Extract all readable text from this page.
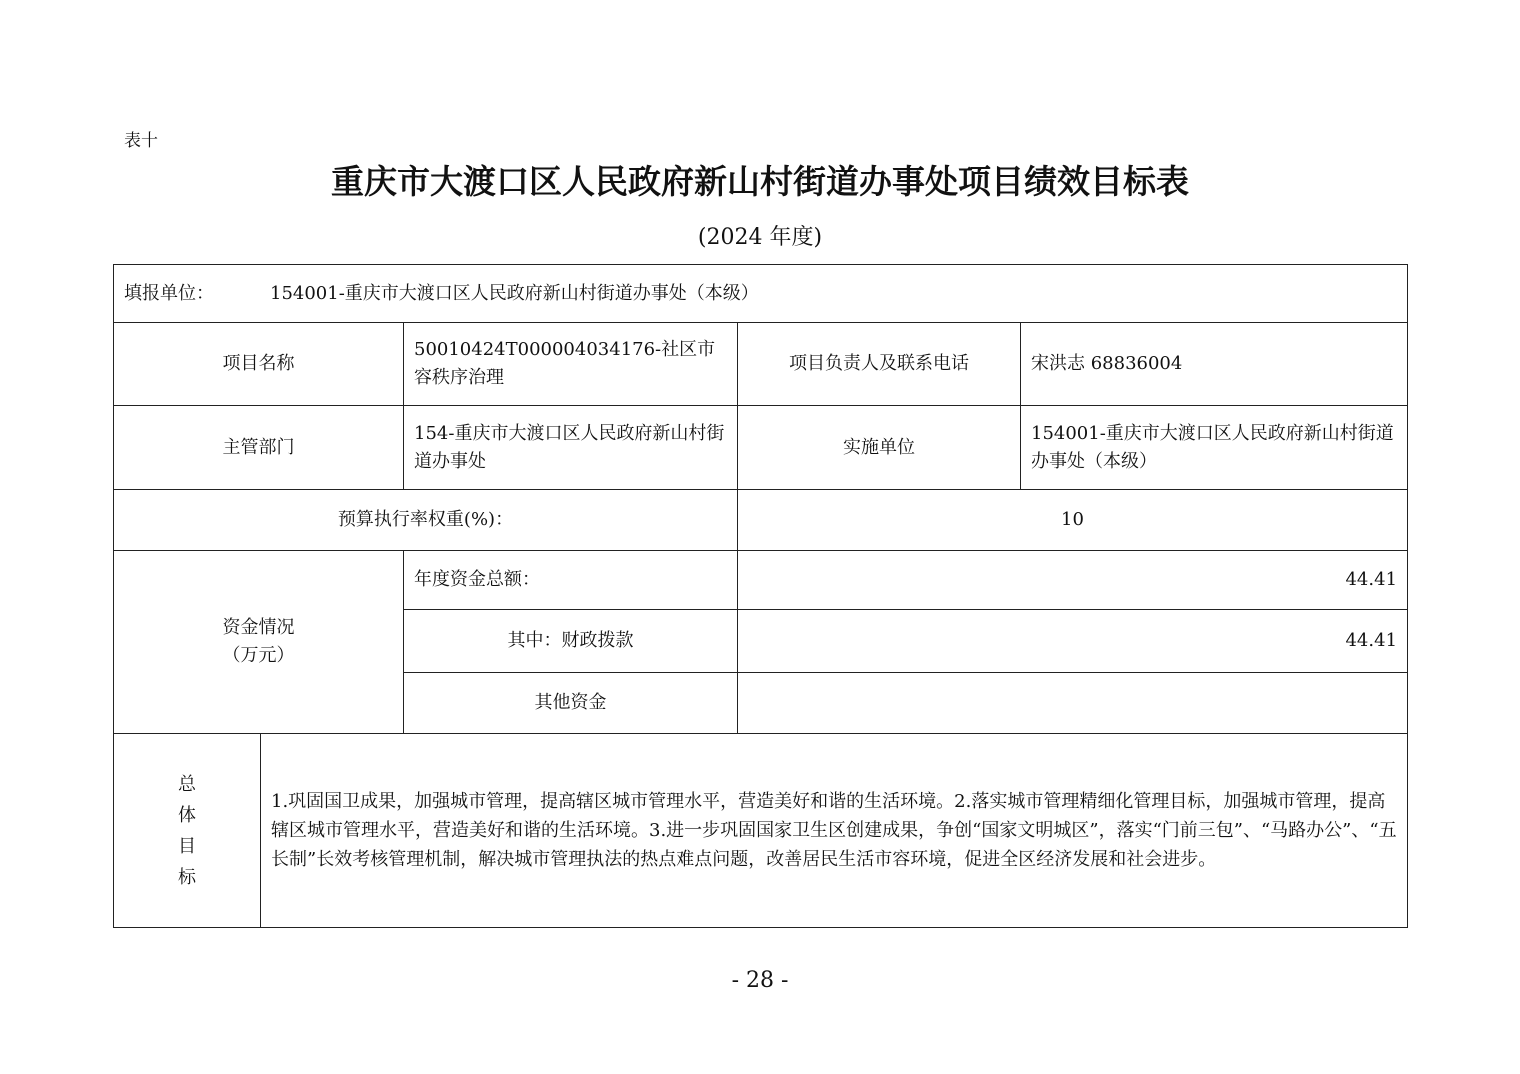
表十
重庆市大渡口区人民政府新山村街道办事处项目绩效目标表
(2024 年度)
填报单位： 154001-重庆市大渡口区人民政府新山村街道办事处（本级）				
项目名称		50010424T000004034176-社区市容秩序治理	项目负责人及联系电话	宋洪志 68836004
主管部门		154-重庆市大渡口区人民政府新山村街道办事处	实施单位	154001-重庆市大渡口区人民政府新山村街道办事处（本级）
预算执行率权重(%)：			10	

资金情况
（万元）		年度资金总额：	44.41	
		其中：财政拨款	44.41	
		其他资金		

总
体
目
标	1.巩固国卫成果，加强城市管理，提高辖区城市管理水平，营造美好和谐的生活环境。2.落实城市管理精细化管理目标，加强城市管理，提高辖区城市管理水平，营造美好和谐的生活环境。3.进一步巩固国家卫生区创建成果，争创“国家文明城区”，落实“门前三包”、“马路办公”、“五长制”长效考核管理机制，解决城市管理执法的热点难点问题，改善居民生活市容环境，促进全区经济发展和社会进步。			
- 28 -
